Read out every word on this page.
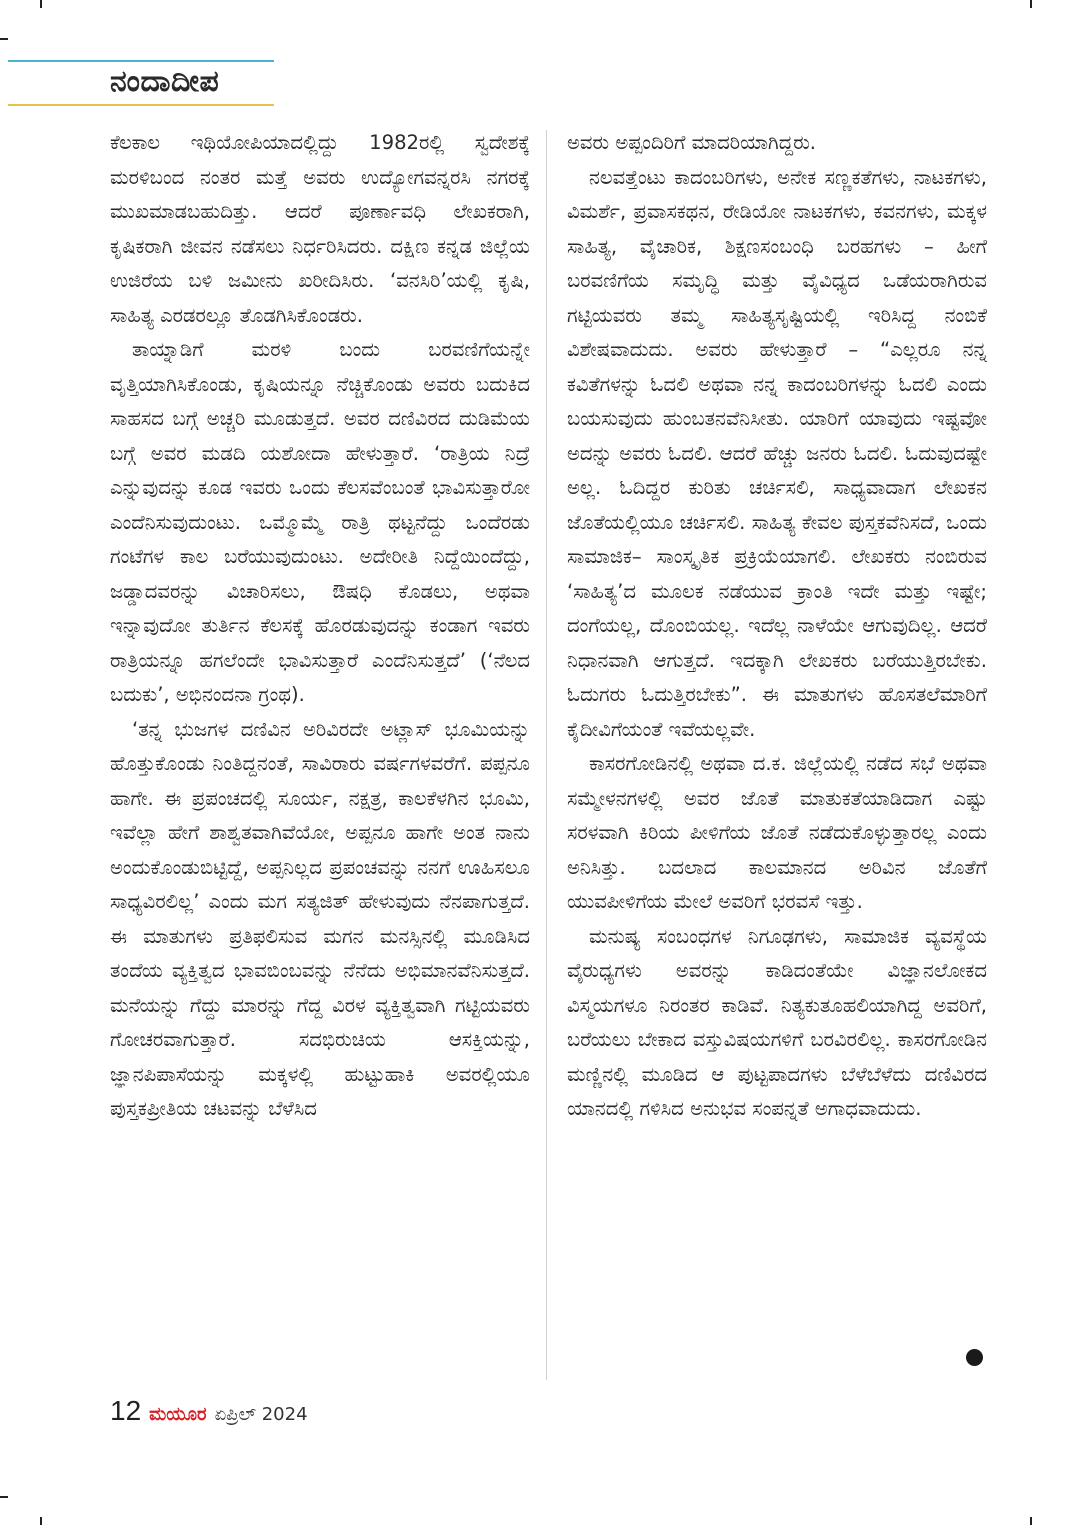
ನಂದಾದೀಪ

ಕೆಲಕಾಲ ಇಥಿಯೋಪಿಯಾದಲ್ಲಿದ್ದು 1982ರಲ್ಲಿ ಸ್ವದೇಶಕ್ಕೆ ಮರಳಿಬಂದ ನಂತರ ಮತ್ತೆ ಅವರು ಉದ್ಯೋಗವನ್ನರಸಿ ನಗರಕ್ಕೆ ಮುಖಮಾಡಬಹುದಿತ್ತು. ಆದರೆ ಪೂರ್ಣಾವಧಿ ಲೇಖಕರಾಗಿ, ಕೃಷಿಕರಾಗಿ ಜೀವನ ನಡೆಸಲು ನಿರ್ಧರಿಸಿದರು. ದಕ್ಷಿಣ ಕನ್ನಡ ಜಿಲ್ಲೆಯ ಉಜಿರೆಯ ಬಳಿ ಜಮೀನು ಖರೀದಿಸಿರು. ‘ವನಸಿರಿ’ಯಲ್ಲಿ ಕೃಷಿ, ಸಾಹಿತ್ಯ ಎರಡರಲ್ಲೂ ತೊಡಗಿಸಿಕೊಂಡರು.

ತಾಯ್ನಾಡಿಗೆ ಮರಳಿ ಬಂದು ಬರವಣಿಗೆಯನ್ನೇ ವೃತ್ತಿಯಾಗಿಸಿಕೊಂಡು, ಕೃಷಿಯನ್ನೂ ನೆಚ್ಚಿಕೊಂಡು ಅವರು ಬದುಕಿದ ಸಾಹಸದ ಬಗ್ಗೆ ಅಚ್ಚರಿ ಮೂಡುತ್ತದೆ. ಅವರ ದಣಿವಿರದ ದುಡಿಮೆಯ ಬಗ್ಗೆ ಅವರ ಮಡದಿ ಯಶೋದಾ ಹೇಳುತ್ತಾರೆ. ‘ರಾತ್ರಿಯ ನಿದ್ರೆ ಎನ್ನುವುದನ್ನು ಕೂಡ ಇವರು ಒಂದು ಕೆಲಸವೆಂಬಂತೆ ಭಾವಿಸುತ್ತಾರೋ ಎಂದೆನಿಸುವುದುಂಟು. ಒಮ್ಮೊಮ್ಮೆ ರಾತ್ರಿ ಥಟ್ಟನೆದ್ದು ಒಂದೆರಡು ಗಂಟೆಗಳ ಕಾಲ ಬರೆಯುವುದುಂಟು. ಅದೇರೀತಿ ನಿದ್ದೆಯಿಂದೆದ್ದು, ಜಡ್ಡಾದವರನ್ನು ವಿಚಾರಿಸಲು, ಔಷಧಿ ಕೊಡಲು, ಅಥವಾ ಇನ್ನಾವುದೋ ತುರ್ತಿನ ಕೆಲಸಕ್ಕೆ ಹೊರಡುವುದನ್ನು ಕಂಡಾಗ ಇವರು ರಾತ್ರಿಯನ್ನೂ ಹಗಲೆಂದೇ ಭಾವಿಸುತ್ತಾರೆ ಎಂದೆನಿಸುತ್ತದೆ’ (‘ನೆಲದ ಬದುಕು’, ಅಭಿನಂದನಾ ಗ್ರಂಥ).

‘ತನ್ನ ಭುಜಗಳ ದಣಿವಿನ ಅರಿವಿರದೇ ಅಟ್ಲಾಸ್ ಭೂಮಿಯನ್ನು ಹೊತ್ತುಕೊಂಡು ನಿಂತಿದ್ದನಂತೆ, ಸಾವಿರಾರು ವರ್ಷಗಳವರೆಗೆ. ಪಪ್ಪನೂ ಹಾಗೇ. ಈ ಪ್ರಪಂಚದಲ್ಲಿ ಸೂರ್ಯ, ನಕ್ಷತ್ರ, ಕಾಲಕೆಳಗಿನ ಭೂಮಿ, ಇವೆಲ್ಲಾ ಹೇಗೆ ಶಾಶ್ವತವಾಗಿವೆಯೋ, ಅಪ್ಪನೂ ಹಾಗೇ ಅಂತ ನಾನು ಅಂದುಕೊಂಡುಬಿಟ್ಟಿದ್ದೆ, ಅಪ್ಪನಿಲ್ಲದ ಪ್ರಪಂಚವನ್ನು ನನಗೆ ಊಹಿಸಲೂ ಸಾಧ್ಯವಿರಲಿಲ್ಲ’ ಎಂದು ಮಗ ಸತ್ಯಜಿತ್ ಹೇಳುವುದು ನೆನಪಾಗುತ್ತದೆ. ಈ ಮಾತುಗಳು ಪ್ರತಿಫಲಿಸುವ ಮಗನ ಮನಸ್ಸಿನಲ್ಲಿ ಮೂಡಿಸಿದ ತಂದೆಯ ವ್ಯಕ್ತಿತ್ವದ ಭಾವಬಿಂಬವನ್ನು ನೆನೆದು ಅಭಿಮಾನವೆನಿಸುತ್ತದೆ. ಮನೆಯನ್ನು ಗೆದ್ದು ಮಾರನ್ನು ಗೆದ್ದ ವಿರಳ ವ್ಯಕ್ತಿತ್ವವಾಗಿ ಗಟ್ಟಿಯವರು ಗೋಚರವಾಗುತ್ತಾರೆ. ಸದಭಿರುಚಿಯ ಆಸಕ್ತಿಯನ್ನು, ಜ್ಞಾನಪಿಪಾಸೆಯನ್ನು ಮಕ್ಕಳಲ್ಲಿ ಹುಟ್ಟುಹಾಕಿ ಅವರಲ್ಲಿಯೂ ಪುಸ್ತಕಪ್ರೀತಿಯ ಚಟವನ್ನು ಬೆಳೆಸಿದ

ಅವರು ಅಪ್ಪಂದಿರಿಗೆ ಮಾದರಿಯಾಗಿದ್ದರು.

ನಲವತ್ತೆಂಟು ಕಾದಂಬರಿಗಳು, ಅನೇಕ ಸಣ್ಣಕತೆಗಳು, ನಾಟಕಗಳು, ವಿಮರ್ಶೆ, ಪ್ರವಾಸಕಥನ, ರೇಡಿಯೋ ನಾಟಕಗಳು, ಕವನಗಳು, ಮಕ್ಕಳ ಸಾಹಿತ್ಯ, ವೈಚಾರಿಕ, ಶಿಕ್ಷಣಸಂಬಂಧಿ ಬರಹಗಳು – ಹೀಗೆ ಬರವಣಿಗೆಯ ಸಮೃದ್ಧಿ ಮತ್ತು ವೈವಿಧ್ಯದ ಒಡೆಯರಾಗಿರುವ ಗಟ್ಟಿಯವರು ತಮ್ಮ ಸಾಹಿತ್ಯಸೃಷ್ಟಿಯಲ್ಲಿ ಇರಿಸಿದ್ದ ನಂಬಿಕೆ ವಿಶೇಷವಾದುದು. ಅವರು ಹೇಳುತ್ತಾರೆ – “ಎಲ್ಲರೂ ನನ್ನ ಕವಿತೆಗಳನ್ನು ಓದಲಿ ಅಥವಾ ನನ್ನ ಕಾದಂಬರಿಗಳನ್ನು ಓದಲಿ ಎಂದು ಬಯಸುವುದು ಹುಂಬತನವೆನಿಸೀತು. ಯಾರಿಗೆ ಯಾವುದು ಇಷ್ಟವೋ ಅದನ್ನು ಅವರು ಓದಲಿ. ಆದರೆ ಹೆಚ್ಚು ಜನರು ಓದಲಿ. ಓದುವುದಷ್ಟೇ ಅಲ್ಲ. ಓದಿದ್ದರ ಕುರಿತು ಚರ್ಚಿಸಲಿ, ಸಾಧ್ಯವಾದಾಗ ಲೇಖಕನ ಜೊತೆಯಲ್ಲಿಯೂ ಚರ್ಚಿಸಲಿ. ಸಾಹಿತ್ಯ ಕೇವಲ ಪುಸ್ತಕವೆನಿಸದೆ, ಒಂದು ಸಾಮಾಜಿಕ– ಸಾಂಸ್ಕೃತಿಕ ಪ್ರಕ್ರಿಯೆಯಾಗಲಿ. ಲೇಖಕರು ನಂಬಿರುವ ‘ಸಾಹಿತ್ಯ’ದ ಮೂಲಕ ನಡೆಯುವ ಕ್ರಾಂತಿ ಇದೇ ಮತ್ತು ಇಷ್ಟೇ; ದಂಗೆಯಲ್ಲ, ದೊಂಬಿಯಲ್ಲ. ಇದೆಲ್ಲ ನಾಳೆಯೇ ಆಗುವುದಿಲ್ಲ. ಆದರೆ ನಿಧಾನವಾಗಿ ಆಗುತ್ತದೆ. ಇದಕ್ಕಾಗಿ ಲೇಖಕರು ಬರೆಯುತ್ತಿರಬೇಕು. ಓದುಗರು ಓದುತ್ತಿರಬೇಕು”. ಈ ಮಾತುಗಳು ಹೊಸತಲೆಮಾರಿಗೆ ಕೈದೀವಿಗೆಯಂತೆ ಇವೆಯಲ್ಲವೇ.

ಕಾಸರಗೋಡಿನಲ್ಲಿ ಅಥವಾ ದ.ಕ. ಜಿಲ್ಲೆಯಲ್ಲಿ ನಡೆದ ಸಭೆ ಅಥವಾ ಸಮ್ಮೇಳನಗಳಲ್ಲಿ ಅವರ ಜೊತೆ ಮಾತುಕತೆಯಾಡಿದಾಗ ಎಷ್ಟು ಸರಳವಾಗಿ ಕಿರಿಯ ಪೀಳಿಗೆಯ ಜೊತೆ ನಡೆದುಕೊಳ್ಳುತ್ತಾರಲ್ಲ ಎಂದು ಅನಿಸಿತ್ತು. ಬದಲಾದ ಕಾಲಮಾನದ ಅರಿವಿನ ಜೊತೆಗೆ ಯುವಪೀಳಿಗೆಯ ಮೇಲೆ ಅವರಿಗೆ ಭರವಸೆ ಇತ್ತು.

ಮನುಷ್ಯ ಸಂಬಂಧಗಳ ನಿಗೂಢಗಳು, ಸಾಮಾಜಿಕ ವ್ಯವಸ್ಥೆಯ ವೈರುಧ್ಯಗಳು ಅವರನ್ನು ಕಾಡಿದಂತೆಯೇ ವಿಜ್ಞಾನಲೋಕದ ವಿಸ್ಮಯಗಳೂ ನಿರಂತರ ಕಾಡಿವೆ. ನಿತ್ಯಕುತೂಹಲಿಯಾಗಿದ್ದ ಅವರಿಗೆ, ಬರೆಯಲು ಬೇಕಾದ ವಸ್ತುವಿಷಯಗಳಿಗೆ ಬರವಿರಲಿಲ್ಲ. ಕಾಸರಗೋಡಿನ ಮಣ್ಣಿನಲ್ಲಿ ಮೂಡಿದ ಆ ಪುಟ್ಟಪಾದಗಳು ಬೆಳೆಬೆಳೆದು ದಣಿವಿರದ ಯಾನದಲ್ಲಿ ಗಳಿಸಿದ ಅನುಭವ ಸಂಪನ್ನತೆ ಅಗಾಧವಾದುದು.

12 ಮಯೂರ ಏಪ್ರಿಲ್ 2024
